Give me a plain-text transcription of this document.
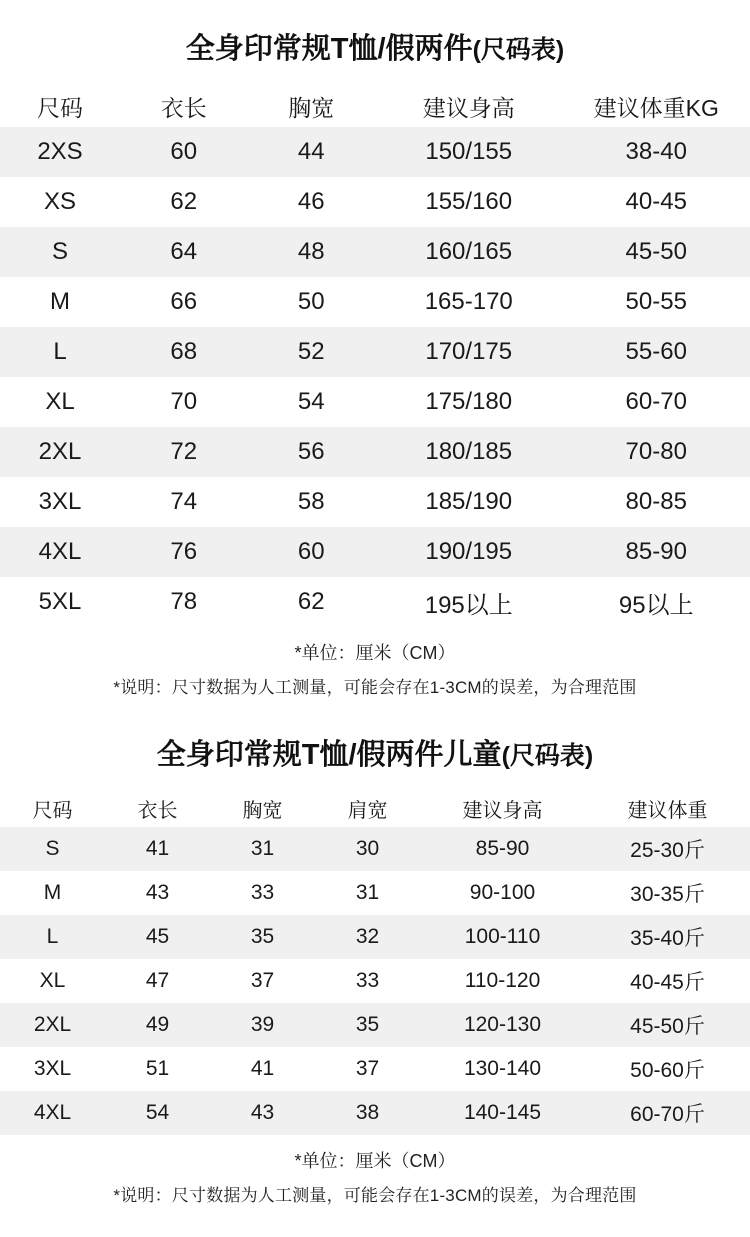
全身印常规T恤/假两件(尺码表)
尺码	衣长	胸宽	建议身高	建议体重KG
2XS	60	44	150/155	38-40
XS	62	46	155/160	40-45
S	64	48	160/165	45-50
M	66	50	165-170	50-55
L	68	52	170/175	55-60
XL	70	54	175/180	60-70
2XL	72	56	180/185	70-80
3XL	74	58	185/190	80-85
4XL	76	60	190/195	85-90
5XL	78	62	195以上	95以上
*单位：厘米（CM）
*说明：尺寸数据为人工测量，可能会存在1-3CM的误差，为合理范围
全身印常规T恤/假两件儿童(尺码表)
尺码	衣长	胸宽	肩宽	建议身高	建议体重
S	41	31	30	85-90	25-30斤
M	43	33	31	90-100	30-35斤
L	45	35	32	100-110	35-40斤
XL	47	37	33	110-120	40-45斤
2XL	49	39	35	120-130	45-50斤
3XL	51	41	37	130-140	50-60斤
4XL	54	43	38	140-145	60-70斤
*单位：厘米（CM）
*说明：尺寸数据为人工测量，可能会存在1-3CM的误差，为合理范围
